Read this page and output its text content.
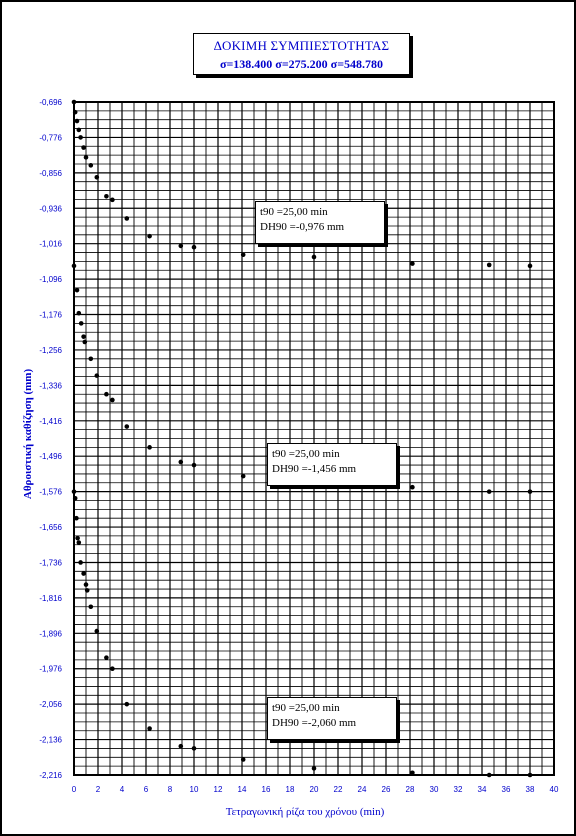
-0,696
-0,776
-0,856
-0,936
-1,016
-1,096
-1,176
-1,256
-1,336
-1,416
-1,496
-1,576
-1,656
-1,736
-1,816
-1,896
-1,976
-2,056
-2,136
-2,216
0 2 4 6 8 10 12 14 16 18 20 22 24 26 28 30 32 34 36 38 40
ΔΟΚΙΜΗ ΣΥΜΠΙΕΣΤΟΤΗΤΑΣ
σ=138.400 σ=275.200 σ=548.780
Αθροιστική καθίζηση (mm)
Τετραγωνική ρίζα του χρόνου (min)
t90 =25,00 min
DH90 =-0,976 mm
t90 =25,00 min
DH90 =-1,456 mm
t90 =25,00 min
DH90 =-2,060 mm
